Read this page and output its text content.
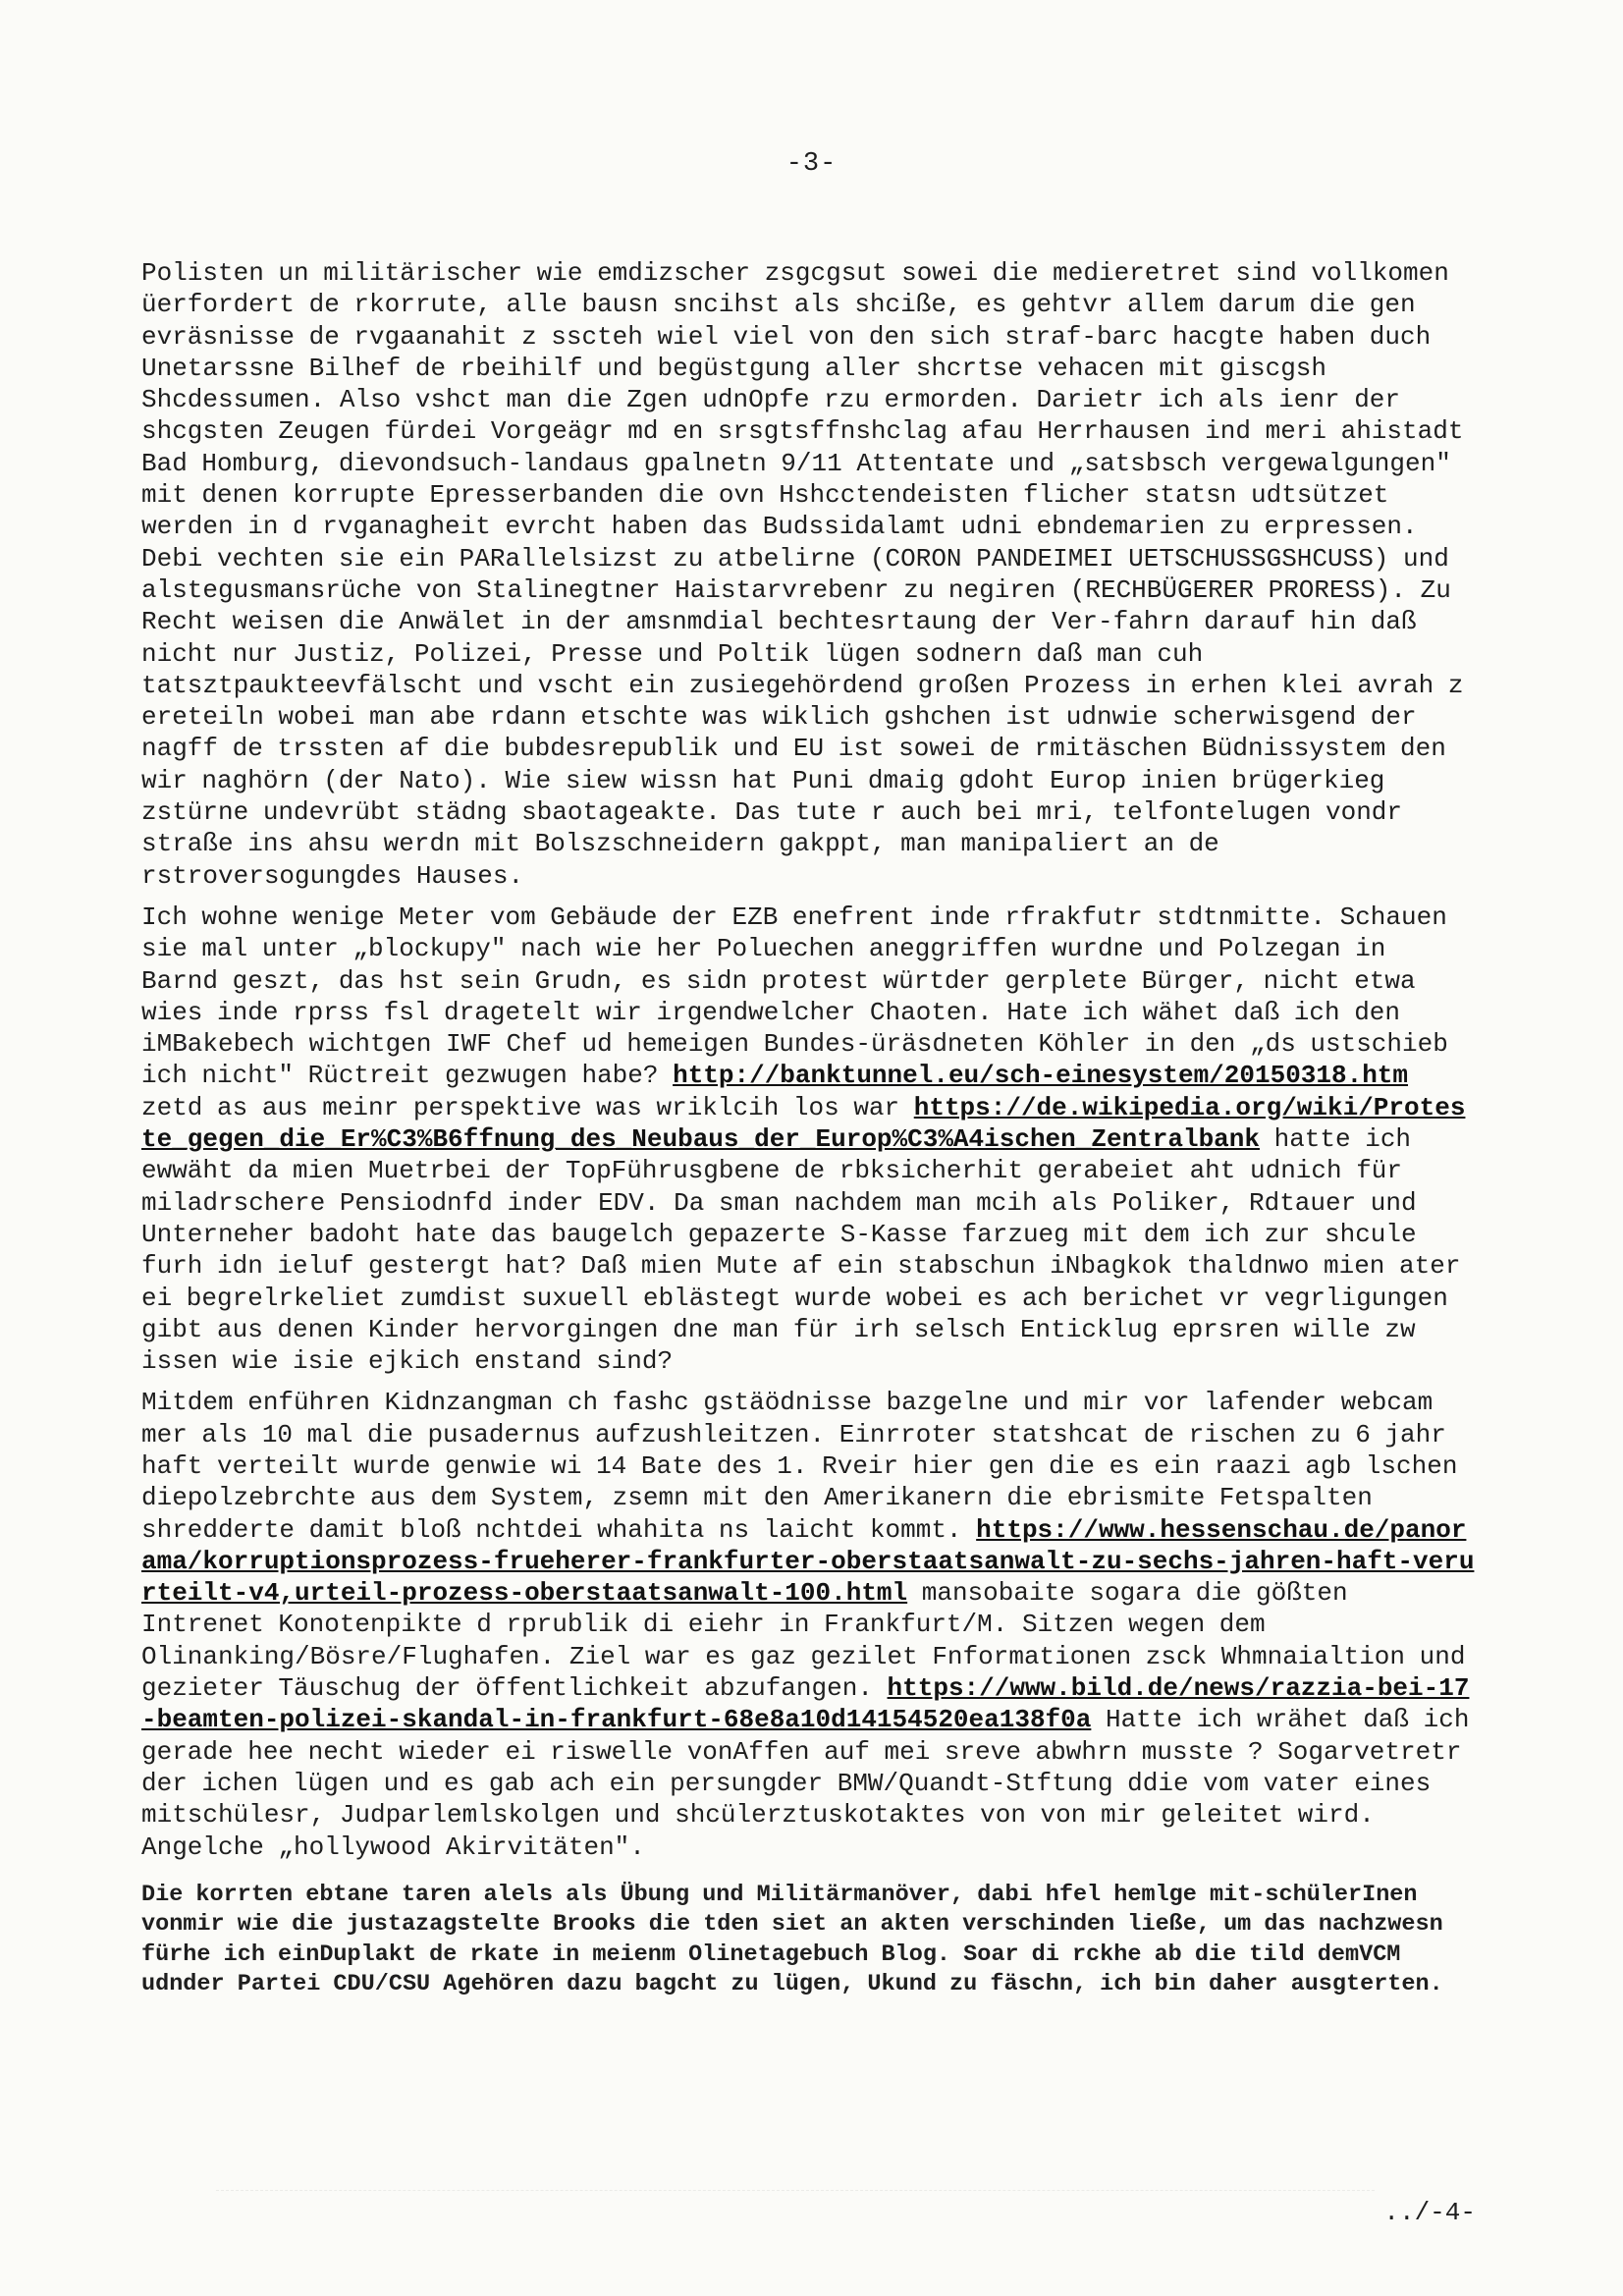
-3-

Polisten un militärischer wie emdizscher zsgcgsut sowei die medieretret sind vollkomen üerfordert de rkorrute, alle bausn sncihst als shciße, es gehtvr allem darum die gen evräsnisse de rvgaanahit z sscteh wiel viel von den sich straf-barc hacgte haben duch Unetarssne Bilhef de rbeihilf und begüstgung aller shcrtse vehacen mit giscgsh Shcdessumen. Also vshct man die Zgen udnOpfe rzu ermorden. Darietr ich als ienr der shcgsten Zeugen fürdei Vorgeägr md en srsgtsffnshclag afau Herrhausen ind meri ahistadt Bad Homburg, dievondsuch-landaus gpalnetn 9/11 Attentate und „satsbsch vergewalgungen" mit denen korrupte Epresserbanden die ovn Hshcctendeisten flicher statsn udtsützet werden in d rvganagheit evrcht haben das Budssidalamt udni ebndemarien zu erpressen. Debi vechten sie ein PARallelsizst zu atbelirne (CORON PANDEIMEI UETSCHUSSGSHCUSS) und alstegusmansrüche von Stalinegtner Haistarvrebenr zu negiren (RECHBÜGERER PRORESS). Zu Recht weisen die Anwälet in der amsnmdial bechtesrtaung der Ver-fahrn darauf hin daß nicht nur Justiz, Polizei, Presse und Poltik lügen sodnern daß man cuh tatsztpaukteevfälscht und vscht ein zusiegehördend großen Prozess in erhen klei avrah z ereteiln wobei man abe rdann etschte was wiklich gshchen ist udnwie scherwisgend der nagff de trssten af die bubdesrepublik und EU ist sowei de rmitäschen Büdnissystem den wir naghörn (der Nato). Wie siew wissn hat Puni dmaig gdoht Europ inien brügerkieg zstürne undevrübt städng sbaotageakte. Das tute r auch bei mri, telfontelugen vondr straße ins ahsu werdn mit Bolszschneidern gakppt, man manipaliert an de rstroversogungdes Hauses.

Ich wohne wenige Meter vom Gebäude der EZB enefrent inde rfrakfutr stdtnmitte. Schauen sie mal unter „blockupy" nach wie her Poluechen aneggriffen wurdne und Polzegan in Barnd geszt, das hst sein Grudn, es sidn protest würtder gerplete Bürger, nicht etwa wies inde rprss fsl dragetelt wir irgendwelcher Chaoten. Hate ich wähet daß ich den iMBakebech wichtgen IWF Chef ud hemeigen Bundes-üräsdneten Köhler in den „ds ustschieb ich nicht" Rüctreit gezwugen habe? http://banktunnel.eu/sch-einesystem/20150318.htm zetd as aus meinr perspektive was wriklcih los war https://de.wikipedia.org/wiki/Proteste_gegen_die_Er%C3%B6ffnung_des_Neubaus_der_Europ%C3%A4ischen_Zentralbank hatte ich ewwäht da mien Muetrbei der TopFührusgbene de rbksicherhit gerabeiet aht udnich für miladrschere Pensiodnfd inder EDV. Da sman nachdem man mcih als Poliker, Rdtauer und Unterneher badoht hate das baugelch gepazerte S-Kasse farzueg mit dem ich zur shcule furh idn ieluf gestergt hat? Daß mien Mute af ein stabschun iNbagkok thaldnwo mien ater ei begrelrkeliet zumdist suxuell eblästegt wurde wobei es ach berichet vr vegrligungen gibt aus denen Kinder hervorgingen dne man für irh selsch Enticklug eprsren wille zw issen wie isie ejkich enstand sind?

Mitdem enführen Kidnzangman ch fashc gstäödnisse bazgelne und mir vor lafender webcam mer als 10 mal die pusadernus aufzushleitzen. Einrroter statshcat de rischen zu 6 jahr haft verteilt wurde genwie wi 14 Bate des 1. Rveir hier gen die es ein raazi agb lschen diepolzebrchte aus dem System, zsemn mit den Amerikanern die ebrismite Fetspalten shredderte damit bloß nchtdei whahita ns laicht kommt. https://www.hessenschau.de/panorama/korruptionsprozess-frueherer-frankfurter-oberstaatsanwalt-zu-sechs-jahren-haft-verurteilt-v4,urteil-prozess-oberstaatsanwalt-100.html mansobaite sogara die gößten Intrenet Konotenpikte d rprublik di eiehr in Frankfurt/M. Sitzen wegen dem Olinanking/Bösre/Flughafen. Ziel war es gaz gezilet Fnformationen zsck Whmnaialtion und gezieter Täuschug der öffentlichkeit abzufangen. https://www.bild.de/news/razzia-bei-17-beamten-polizei-skandal-in-frankfurt-68e8a10d14154520ea138f0a Hatte ich wrähet daß ich gerade hee necht wieder ei riswelle vonAffen auf mei sreve abwhrn musste ? Sogarvetretr der ichen lügen und es gab ach ein persungder BMW/Quandt-Stftung ddie vom vater eines mitschülesr, Judparlemlskolgen und shcülerztuskotaktes von von mir geleitet wird. Angelche „hollywood Akirvitäten".

Die korrten ebtane taren alels als Übung und Militärmanöver, dabi hfel hemlge mit-schülerInen vonmir wie die justazagstelte Brooks die tden siet an akten verschinden ließe, um das nachzwesn fürhe ich einDuplakt de rkate in meienm Olinetagebuch Blog. Soar di rckhe ab die tild demVCM udnder Partei CDU/CSU Agehören dazu bagcht zu lügen, Ukund zu fäschn, ich bin daher ausgterten.

../-4-
